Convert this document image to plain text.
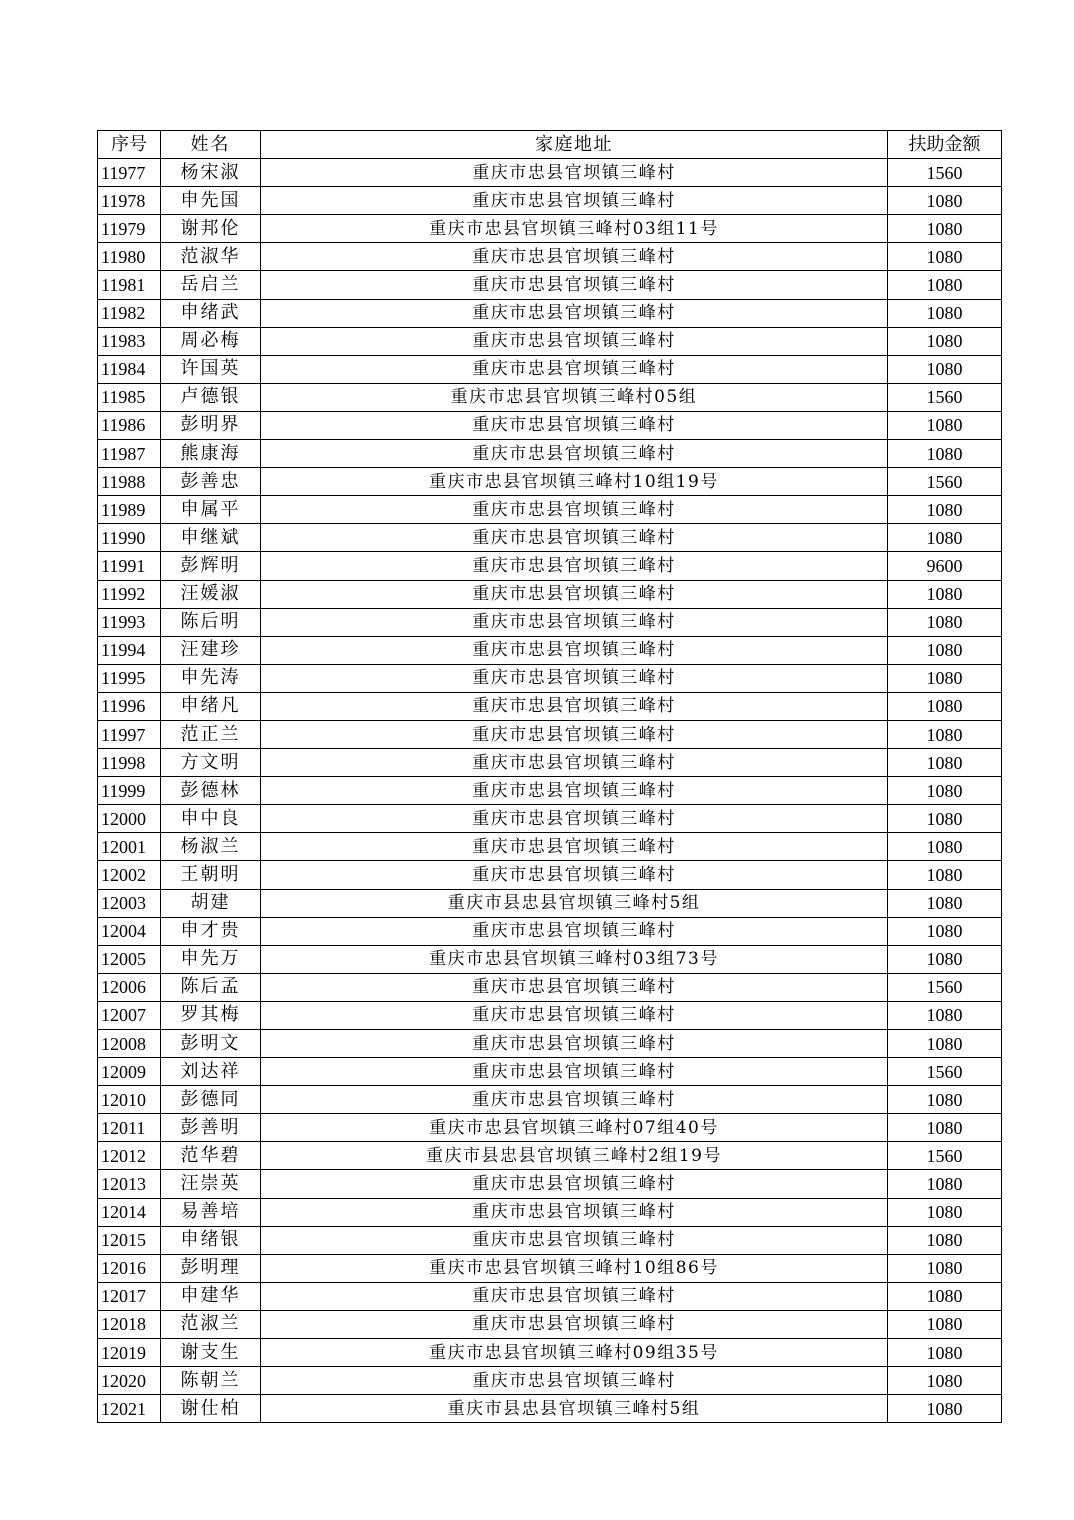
序号	姓名	家庭地址	扶助金额
11977	杨宋淑	重庆市忠县官坝镇三峰村	1560
11978	申先国	重庆市忠县官坝镇三峰村	1080
11979	谢邦伦	重庆市忠县官坝镇三峰村03组11号	1080
11980	范淑华	重庆市忠县官坝镇三峰村	1080
11981	岳启兰	重庆市忠县官坝镇三峰村	1080
11982	申绪武	重庆市忠县官坝镇三峰村	1080
11983	周必梅	重庆市忠县官坝镇三峰村	1080
11984	许国英	重庆市忠县官坝镇三峰村	1080
11985	卢德银	重庆市忠县官坝镇三峰村05组	1560
11986	彭明界	重庆市忠县官坝镇三峰村	1080
11987	熊康海	重庆市忠县官坝镇三峰村	1080
11988	彭善忠	重庆市忠县官坝镇三峰村10组19号	1560
11989	申属平	重庆市忠县官坝镇三峰村	1080
11990	申继斌	重庆市忠县官坝镇三峰村	1080
11991	彭辉明	重庆市忠县官坝镇三峰村	9600
11992	汪媛淑	重庆市忠县官坝镇三峰村	1080
11993	陈后明	重庆市忠县官坝镇三峰村	1080
11994	汪建珍	重庆市忠县官坝镇三峰村	1080
11995	申先涛	重庆市忠县官坝镇三峰村	1080
11996	申绪凡	重庆市忠县官坝镇三峰村	1080
11997	范正兰	重庆市忠县官坝镇三峰村	1080
11998	方文明	重庆市忠县官坝镇三峰村	1080
11999	彭德林	重庆市忠县官坝镇三峰村	1080
12000	申中良	重庆市忠县官坝镇三峰村	1080
12001	杨淑兰	重庆市忠县官坝镇三峰村	1080
12002	王朝明	重庆市忠县官坝镇三峰村	1080
12003	胡建	重庆市县忠县官坝镇三峰村5组	1080
12004	申才贵	重庆市忠县官坝镇三峰村	1080
12005	申先万	重庆市忠县官坝镇三峰村03组73号	1080
12006	陈后孟	重庆市忠县官坝镇三峰村	1560
12007	罗其梅	重庆市忠县官坝镇三峰村	1080
12008	彭明文	重庆市忠县官坝镇三峰村	1080
12009	刘达祥	重庆市忠县官坝镇三峰村	1560
12010	彭德同	重庆市忠县官坝镇三峰村	1080
12011	彭善明	重庆市忠县官坝镇三峰村07组40号	1080
12012	范华碧	重庆市县忠县官坝镇三峰村2组19号	1560
12013	汪崇英	重庆市忠县官坝镇三峰村	1080
12014	易善培	重庆市忠县官坝镇三峰村	1080
12015	申绪银	重庆市忠县官坝镇三峰村	1080
12016	彭明理	重庆市忠县官坝镇三峰村10组86号	1080
12017	申建华	重庆市忠县官坝镇三峰村	1080
12018	范淑兰	重庆市忠县官坝镇三峰村	1080
12019	谢支生	重庆市忠县官坝镇三峰村09组35号	1080
12020	陈朝兰	重庆市忠县官坝镇三峰村	1080
12021	谢仕柏	重庆市县忠县官坝镇三峰村5组	1080
